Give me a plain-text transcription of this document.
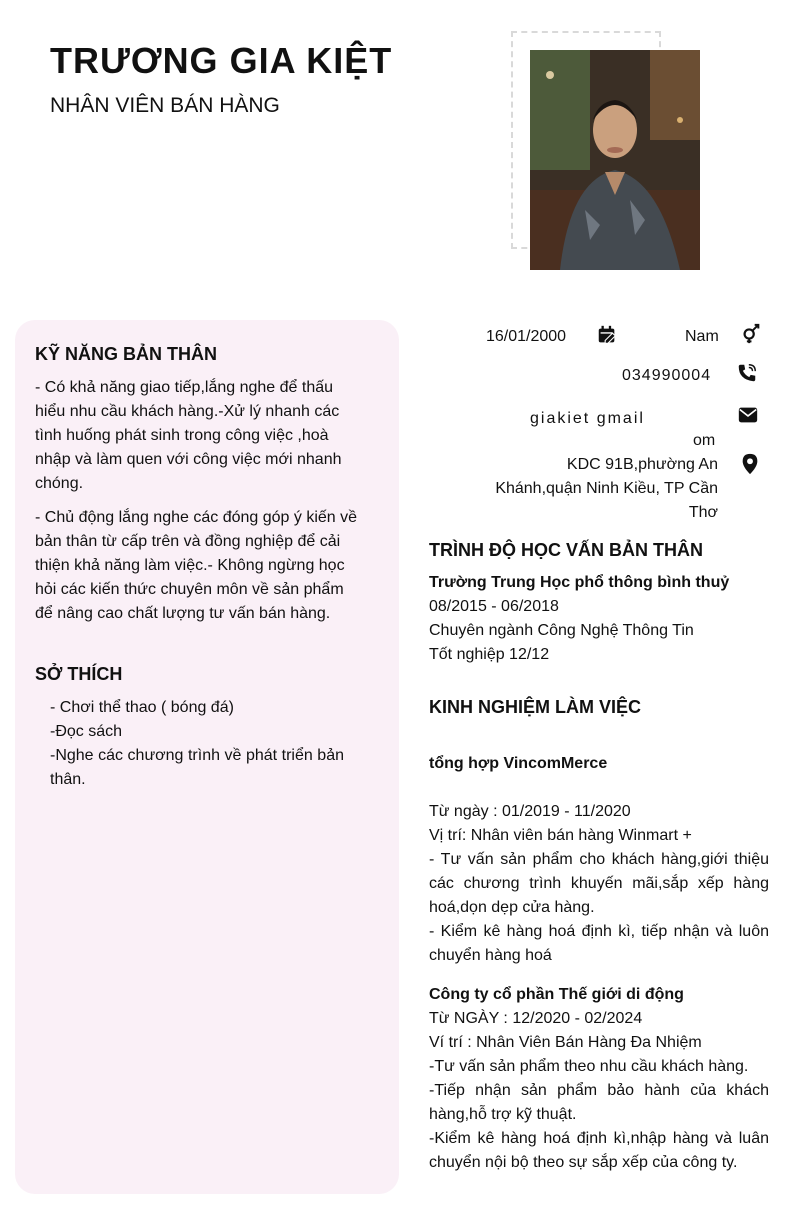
TRƯƠNG GIA KIỆT
NHÂN VIÊN BÁN HÀNG
KỸ NĂNG BẢN THÂN
- Có khả năng giao tiếp,lắng nghe để thấu hiểu nhu cầu khách hàng.-Xử lý nhanh các tình huống phát sinh trong công việc ,hoà nhập và làm quen với công việc mới nhanh chóng.
- Chủ động lắng nghe các đóng góp ý kiến về bản thân từ cấp trên và đồng nghiệp để cải thiện khả năng làm việc.- Không ngừng học hỏi các kiến thức chuyên môn về sản phẩm để nâng cao chất lượng tư vấn bán hàng.
SỞ THÍCH
- Chơi thể thao ( bóng đá)
-Đọc sách
-Nghe các chương trình về phát triển bản thân.
16/01/2000	Nam
034990004
giakiet gmail
om
KDC 91B,phường An
Khánh,quận Ninh Kiều, TP Cần
Thơ
TRÌNH ĐỘ HỌC VẤN BẢN THÂN
Trường Trung Học phổ thông bình thuỷ
08/2015 - 06/2018
Chuyên ngành Công Nghệ Thông Tin
Tốt nghiệp 12/12
KINH NGHIỆM LÀM VIỆC
tổng hợp VincomMerce
Từ ngày : 01/2019 - 11/2020
Vị trí: Nhân viên bán hàng Winmart +
- Tư vấn sản phẩm cho khách hàng,giới thiệu các chương trình khuyến mãi,sắp xếp hàng hoá,dọn dẹp cửa hàng.
- Kiểm kê hàng hoá định kì, tiếp nhận và luôn chuyển hàng hoá
Công ty cổ phần Thế giới di động
Từ NGÀY : 12/2020 - 02/2024
Ví trí : Nhân Viên Bán Hàng Đa Nhiệm
-Tư vấn sản phẩm theo nhu cầu khách hàng.
-Tiếp nhận sản phẩm bảo hành của khách hàng,hỗ trợ kỹ thuật.
-Kiểm kê hàng hoá định kì,nhập hàng và luân chuyển nội bộ theo sự sắp xếp của công ty.
